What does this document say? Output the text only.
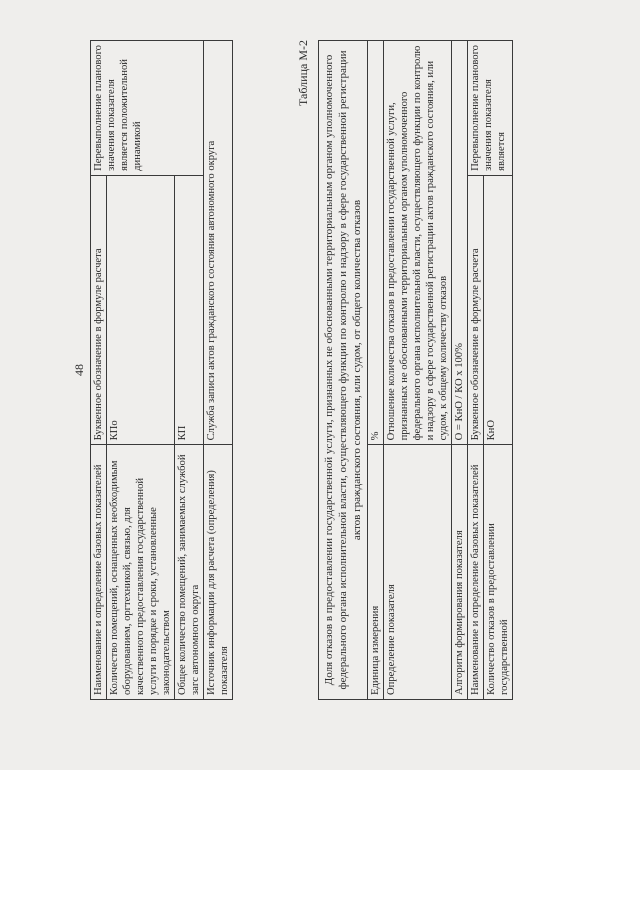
48
Наименование и определение базовых показателей	Буквенное обозначение в формуле расчета	Перевыполнение планового значения показателя является положительной динамикой
Количество помещений, оснащенных необходимым оборудованием, оргтехникой, связью, для качественного предоставления государственной услуги в порядке и сроки, установленные законодательством	КПо	
Общее количество помещений, занимаемых службой загс автономного округа	КП	
Источник информации для расчета (определения) показателя	Служба записи актов гражданского состояния автономного округа	
Таблица М-2 Доля отказов в предоставлении государственной услуги, признанных не обоснованными территориальным органом уполномоченного федерального органа исполнительной власти, осуществляющего функции по контролю и надзору в сфере государственной регистрации актов гражданского состояния, или судом, от общего количества отказов		
Единица измерения	%	
Определение показателя	Отношение количества отказов в предоставлении государственной услуги, признанных не обоснованными территориальным органом уполномоченного федерального органа исполнительной власти, осуществляющего функции по контролю и надзору в сфере государственной регистрации актов гражданского состояния, или судом, к общему количеству отказов	
Алгоритм формирования показателя	О = КнО / КО х 100%	
Наименование и определение базовых показателей	Буквенное обозначение в формуле расчета	Перевыполнение планового значения показателя является
Количество отказов в предоставлении государственной	КнО	
